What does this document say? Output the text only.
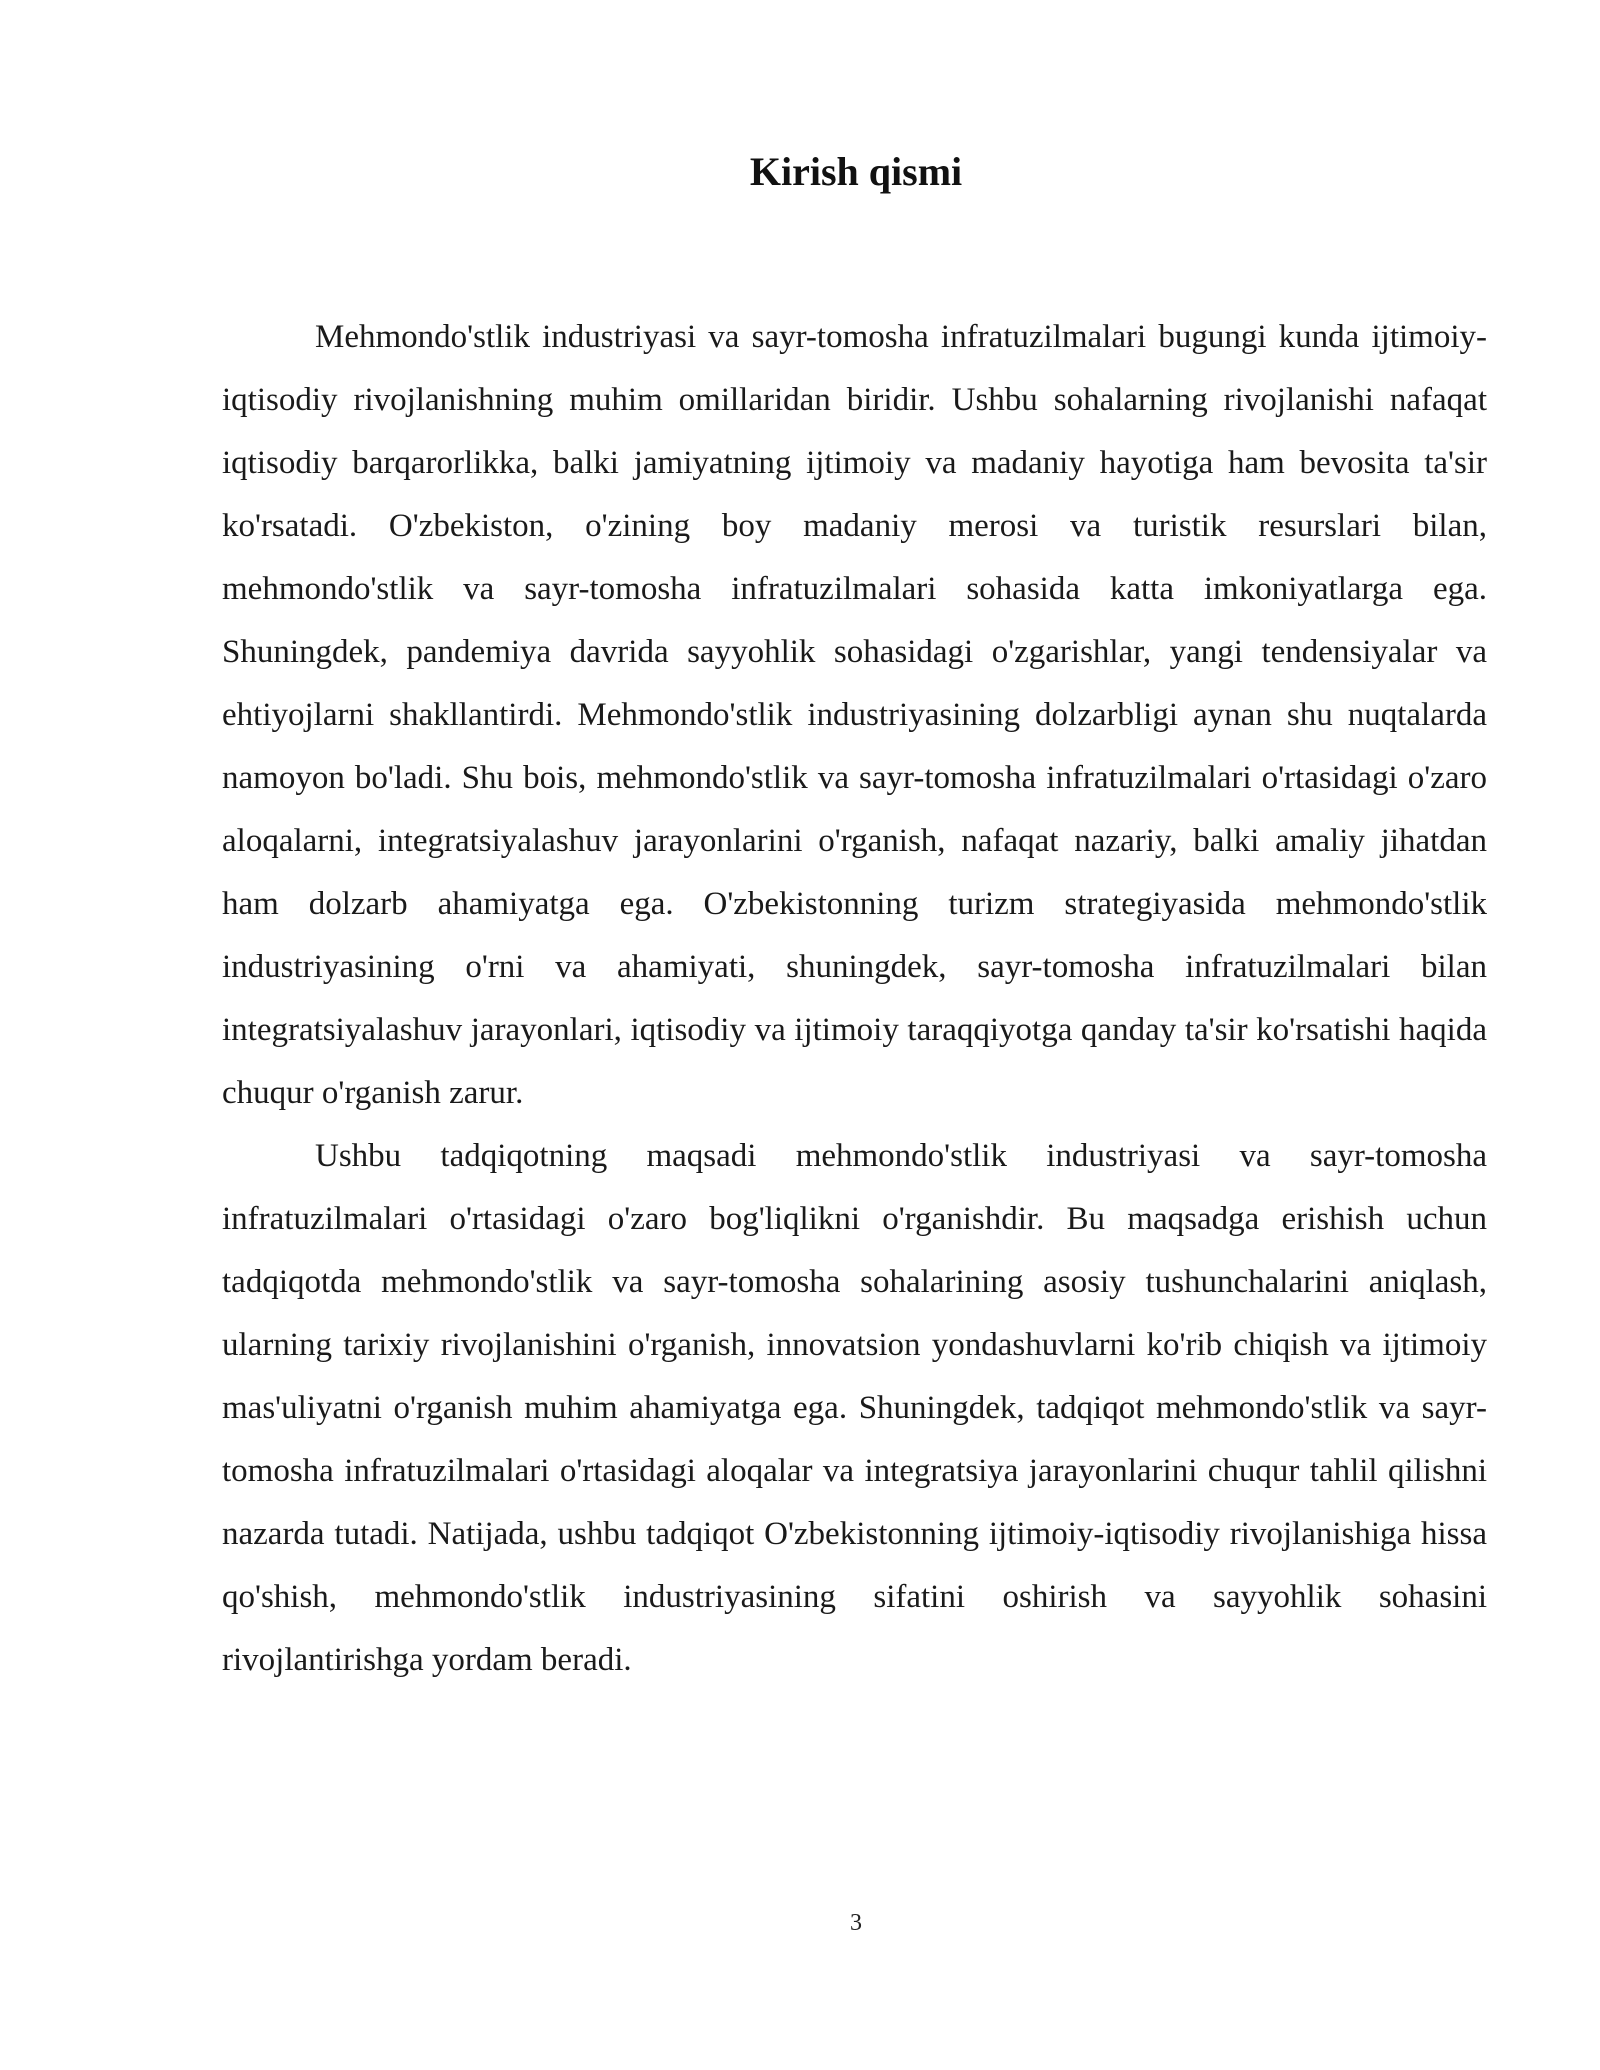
Kirish qismi

Mehmondo'stlik industriyasi va sayr-tomosha infratuzilmalari bugungi kunda ijtimoiy-iqtisodiy rivojlanishning muhim omillaridan biridir. Ushbu sohalarning rivojlanishi nafaqat iqtisodiy barqarorlikka, balki jamiyatning ijtimoiy va madaniy hayotiga ham bevosita ta'sir ko'rsatadi. O'zbekiston, o'zining boy madaniy merosi va turistik resurslari bilan, mehmondo'stlik va sayr-tomosha infratuzilmalari sohasida katta imkoniyatlarga ega. Shuningdek, pandemiya davrida sayyohlik sohasidagi o'zgarishlar, yangi tendensiyalar va ehtiyojlarni shakllantirdi. Mehmondo'stlik industriyasining dolzarbligi aynan shu nuqtalarda namoyon bo'ladi. Shu bois, mehmondo'stlik va sayr-tomosha infratuzilmalari o'rtasidagi o'zaro aloqalarni, integratsiyalashuv jarayonlarini o'rganish, nafaqat nazariy, balki amaliy jihatdan ham dolzarb ahamiyatga ega. O'zbekistonning turizm strategiyasida mehmondo'stlik industriyasining o'rni va ahamiyati, shuningdek, sayr-tomosha infratuzilmalari bilan integratsiyalashuv jarayonlari, iqtisodiy va ijtimoiy taraqqiyotga qanday ta'sir ko'rsatishi haqida chuqur o'rganish zarur.

Ushbu tadqiqotning maqsadi mehmondo'stlik industriyasi va sayr-tomosha infratuzilmalari o'rtasidagi o'zaro bog'liqlikni o'rganishdir. Bu maqsadga erishish uchun tadqiqotda mehmondo'stlik va sayr-tomosha sohalarining asosiy tushunchalarini aniqlash, ularning tarixiy rivojlanishini o'rganish, innovatsion yondashuvlarni ko'rib chiqish va ijtimoiy mas'uliyatni o'rganish muhim ahamiyatga ega. Shuningdek, tadqiqot mehmondo'stlik va sayr-tomosha infratuzilmalari o'rtasidagi aloqalar va integratsiya jarayonlarini chuqur tahlil qilishni nazarda tutadi. Natijada, ushbu tadqiqot O'zbekistonning ijtimoiy-iqtisodiy rivojlanishiga hissa qo'shish, mehmondo'stlik industriyasining sifatini oshirish va sayyohlik sohasini rivojlantirishga yordam beradi.

3
